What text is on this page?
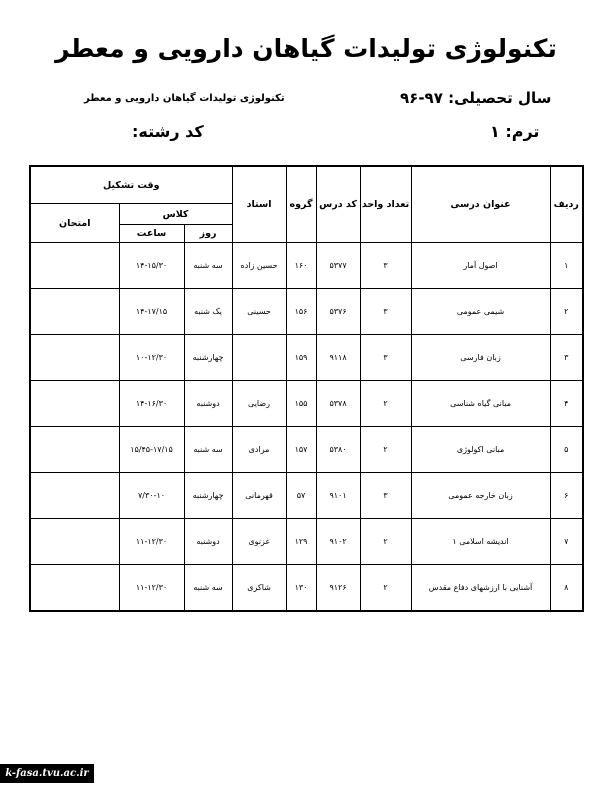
تکنولوژی تولیدات گیاهان دارویی و معطر
سال تحصیلی: ۹۷-۹۶
تکنولوژی تولیدات گیاهان دارویی و معطر
ترم: ۱
کد رشته:
ردیف	عنوان درسی	تعداد واحد	کد درس	گروه	استاد	وقت تشکیل		
						کلاس		امتحان
						روز	ساعت	
۱	اصول آمار	۳	۵۳۷۷	۱۶۰	حسین زاده	سه شنبه	۱۴-۱۵/۳۰	
۲	شیمی عمومی	۳	۵۳۷۶	۱۵۶	حسینی	یک شنبه	۱۴-۱۷/۱۵	
۳	زبان فارسی	۳	۹۱۱۸	۱۵۹		چهارشنبه	۱۰-۱۲/۳۰	
۴	مبانی گیاه شناسی	۲	۵۳۷۸	۱۵۵	رضایی	دوشنبه	۱۴-۱۶/۳۰	
۵	مبانی اکولوژی	۲	۵۳۸۰	۱۵۷	مرادی	سه شنبه	۱۵/۴۵-۱۷/۱۵	
۶	زبان خارجه عمومی	۳	۹۱۰۱	۵۷	قهرمانی	چهارشنبه	۷/۳۰-۱۰	
۷	اندیشه اسلامی ۱	۲	۹۱۰۲	۱۲۹	غزنوی	دوشنبه	۱۱-۱۲/۳۰	
۸	آشنایی با ارزشهای دفاع مقدس	۲	۹۱۲۶	۱۳۰	شاکری	سه شنبه	۱۱-۱۲/۳۰	
k-fasa.tvu.ac.ir
